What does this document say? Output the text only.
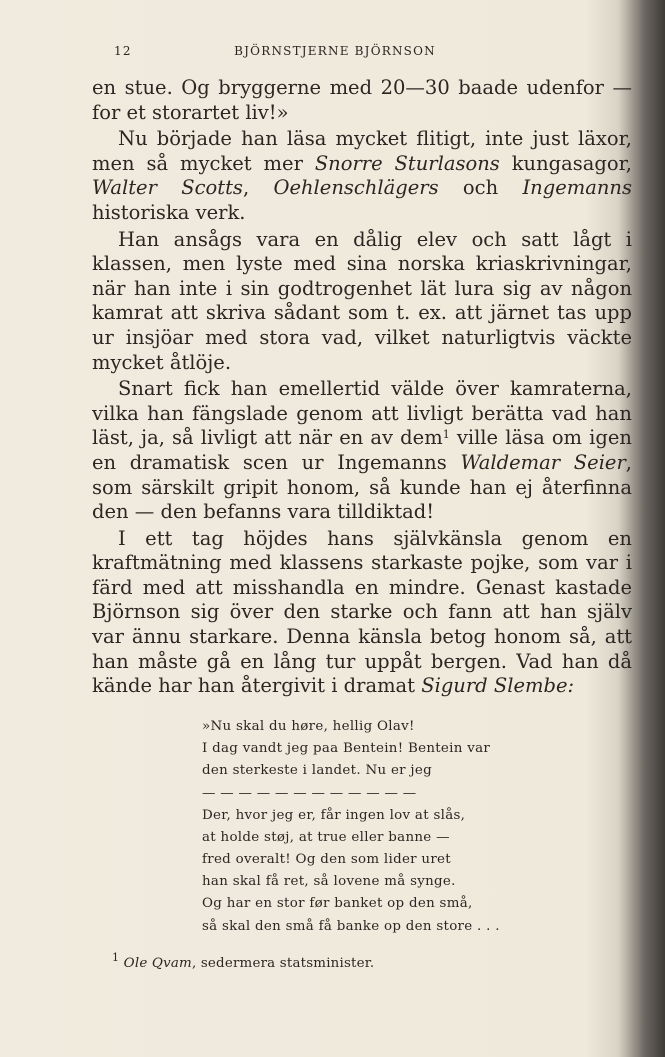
12	BJÖRNSTJERNE BJÖRNSON

en stue. Og bryggerne med 20—30 baade udenfor — for et storartet liv!»

Nu började han läsa mycket flitigt, inte just läxor, men så mycket mer Snorre Sturlasons kungasagor, Walter Scotts, Oehlenschlägers och Ingemanns historiska verk.

Han ansågs vara en dålig elev och satt lågt i klassen, men lyste med sina norska kriaskrivningar, när han inte i sin godtrogenhet lät lura sig av någon kamrat att skriva sådant som t. ex. att järnet tas upp ur insjöar med stora vad, vilket naturligtvis väckte mycket åtlöje.

Snart fick han emellertid välde över kamraterna, vilka han fängslade genom att livligt berätta vad han läst, ja, så livligt att när en av dem$^1$ ville läsa om igen en dramatisk scen ur Ingemanns Waldemar Seier, som särskilt gripit honom, så kunde han ej återfinna den — den befanns vara tilldiktad!

I ett tag höjdes hans självkänsla genom en kraftmätning med klassens starkaste pojke, som var i färd med att misshandla en mindre. Genast kastade Björnson sig över den starke och fann att han själv var ännu starkare. Denna känsla betog honom så, att han måste gå en lång tur uppåt bergen. Vad han då kände har han återgivit i dramat Sigurd Slembe:

»Nu skal du høre, hellig Olav!
I dag vandt jeg paa Bentein! Bentein var
den sterkeste i landet. Nu er jeg
— — — — — — — — — — — —
Der, hvor jeg er, får ingen lov at slås,
at holde støj, at true eller banne —
fred overalt! Og den som lider uret
han skal få ret, så lovene må synge.
Og har en stor før banket op den små,
så skal den små få banke op den store . . .
$^1$ Ole Qvam, sedermera statsminister.
